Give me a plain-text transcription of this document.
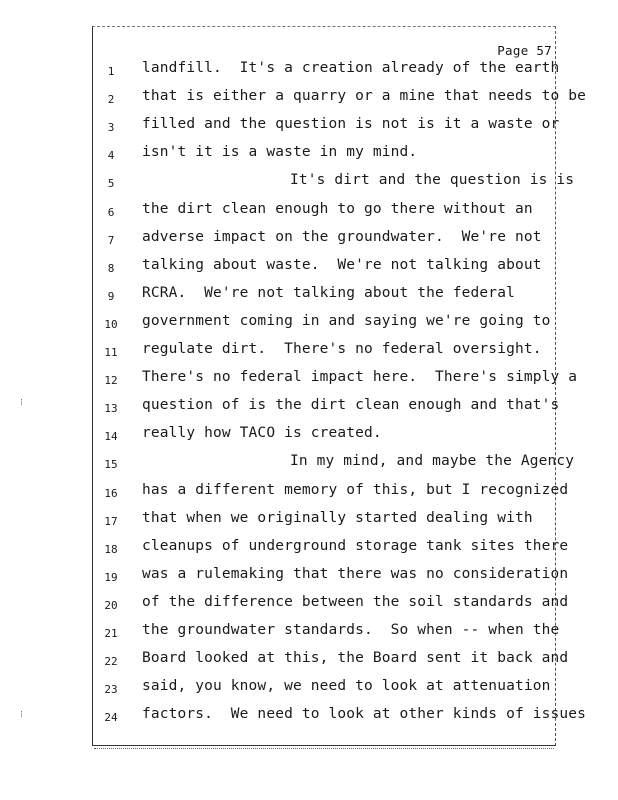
Page 57
1	landfill.  It's a creation already of the earth
2	that is either a quarry or a mine that needs to be
3	filled and the question is not is it a waste or
4	isn't it is a waste in my mind.
5	It's dirt and the question is is
6	the dirt clean enough to go there without an
7	adverse impact on the groundwater.  We're not
8	talking about waste.  We're not talking about
9	RCRA.  We're not talking about the federal
10	government coming in and saying we're going to
11	regulate dirt.  There's no federal oversight.
12	There's no federal impact here.  There's simply a
13	question of is the dirt clean enough and that's
14	really how TACO is created.
15	In my mind, and maybe the Agency
16	has a different memory of this, but I recognized
17	that when we originally started dealing with
18	cleanups of underground storage tank sites there
19	was a rulemaking that there was no consideration
20	of the difference between the soil standards and
21	the groundwater standards.  So when -- when the
22	Board looked at this, the Board sent it back and
23	said, you know, we need to look at attenuation
24	factors.  We need to look at other kinds of issues
⁝
⁝
